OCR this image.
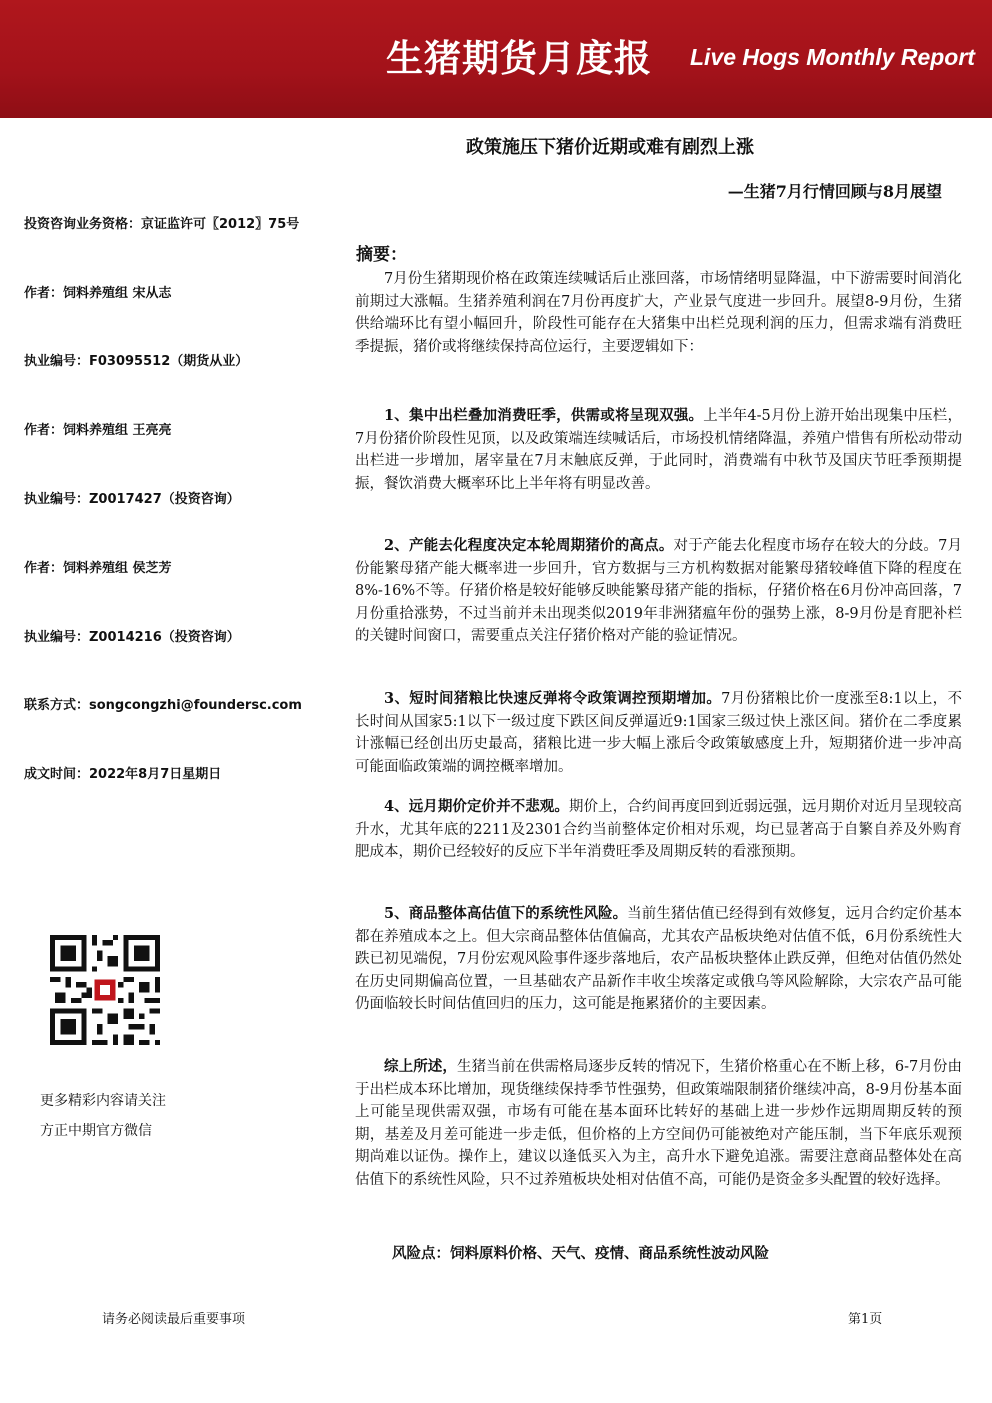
生猪期货月度报 Live Hogs Monthly Report
政策施压下猪价近期或难有剧烈上涨
—生猪7月行情回顾与8月展望
投资咨询业务资格：京证监许可〖2012〗75号
作者：饲料养殖组 宋从志
执业编号：F03095512（期货从业）
作者：饲料养殖组 王亮亮
执业编号：Z0017427（投资咨询）
作者：饲料养殖组 侯芝芳
执业编号：Z0014216（投资咨询）
联系方式：songcongzhi@foundersc.com
成文时间：2022年8月7日星期日
更多精彩内容请关注
方正中期官方微信
摘要：

7月份生猪期现价格在政策连续喊话后止涨回落，市场情绪明显降温，中下游需要时间消化前期过大涨幅。生猪养殖利润在7月份再度扩大，产业景气度进一步回升。展望8-9月份，生猪供给端环比有望小幅回升，阶段性可能存在大猪集中出栏兑现利润的压力，但需求端有消费旺季提振，猪价或将继续保持高位运行，主要逻辑如下：

1、集中出栏叠加消费旺季，供需或将呈现双强。上半年4-5月份上游开始出现集中压栏，7月份猪价阶段性见顶，以及政策端连续喊话后，市场投机情绪降温，养殖户惜售有所松动带动出栏进一步增加，屠宰量在7月末触底反弹，于此同时，消费端有中秋节及国庆节旺季预期提振，餐饮消费大概率环比上半年将有明显改善。

2、产能去化程度决定本轮周期猪价的高点。对于产能去化程度市场存在较大的分歧。7月份能繁母猪产能大概率进一步回升，官方数据与三方机构数据对能繁母猪较峰值下降的程度在8%-16%不等。仔猪价格是较好能够反映能繁母猪产能的指标，仔猪价格在6月份冲高回落，7月份重拾涨势，不过当前并未出现类似2019年非洲猪瘟年份的强势上涨，8-9月份是育肥补栏的关键时间窗口，需要重点关注仔猪价格对产能的验证情况。

3、短时间猪粮比快速反弹将令政策调控预期增加。7月份猪粮比价一度涨至8:1以上，不长时间从国家5:1以下一级过度下跌区间反弹逼近9:1国家三级过快上涨区间。猪价在二季度累计涨幅已经创出历史最高，猪粮比进一步大幅上涨后令政策敏感度上升，短期猪价进一步冲高可能面临政策端的调控概率增加。

4、远月期价定价并不悲观。期价上，合约间再度回到近弱远强，远月期价对近月呈现较高升水，尤其年底的2211及2301合约当前整体定价相对乐观，均已显著高于自繁自养及外购育肥成本，期价已经较好的反应下半年消费旺季及周期反转的看涨预期。

5、商品整体高估值下的系统性风险。当前生猪估值已经得到有效修复，远月合约定价基本都在养殖成本之上。但大宗商品整体估值偏高，尤其农产品板块绝对估值不低，6月份系统性大跌已初见端倪，7月份宏观风险事件逐步落地后，农产品板块整体止跌反弹，但绝对估值仍然处在历史同期偏高位置，一旦基础农产品新作丰收尘埃落定或俄乌等风险解除，大宗农产品可能仍面临较长时间估值回归的压力，这可能是拖累猪价的主要因素。

综上所述，生猪当前在供需格局逐步反转的情况下，生猪价格重心在不断上移，6-7月份由于出栏成本环比增加，现货继续保持季节性强势，但政策端限制猪价继续冲高，8-9月份基本面上可能呈现供需双强，市场有可能在基本面环比转好的基础上进一步炒作远期周期反转的预期，基差及月差可能进一步走低，但价格的上方空间仍可能被绝对产能压制，当下年底乐观预期尚难以证伪。操作上，建议以逢低买入为主，高升水下避免追涨。需要注意商品整体处在高估值下的系统性风险，只不过养殖板块处相对估值不高，可能仍是资金多头配置的较好选择。

风险点：饲料原料价格、天气、疫情、商品系统性波动风险
请务必阅读最后重要事项	第1页
